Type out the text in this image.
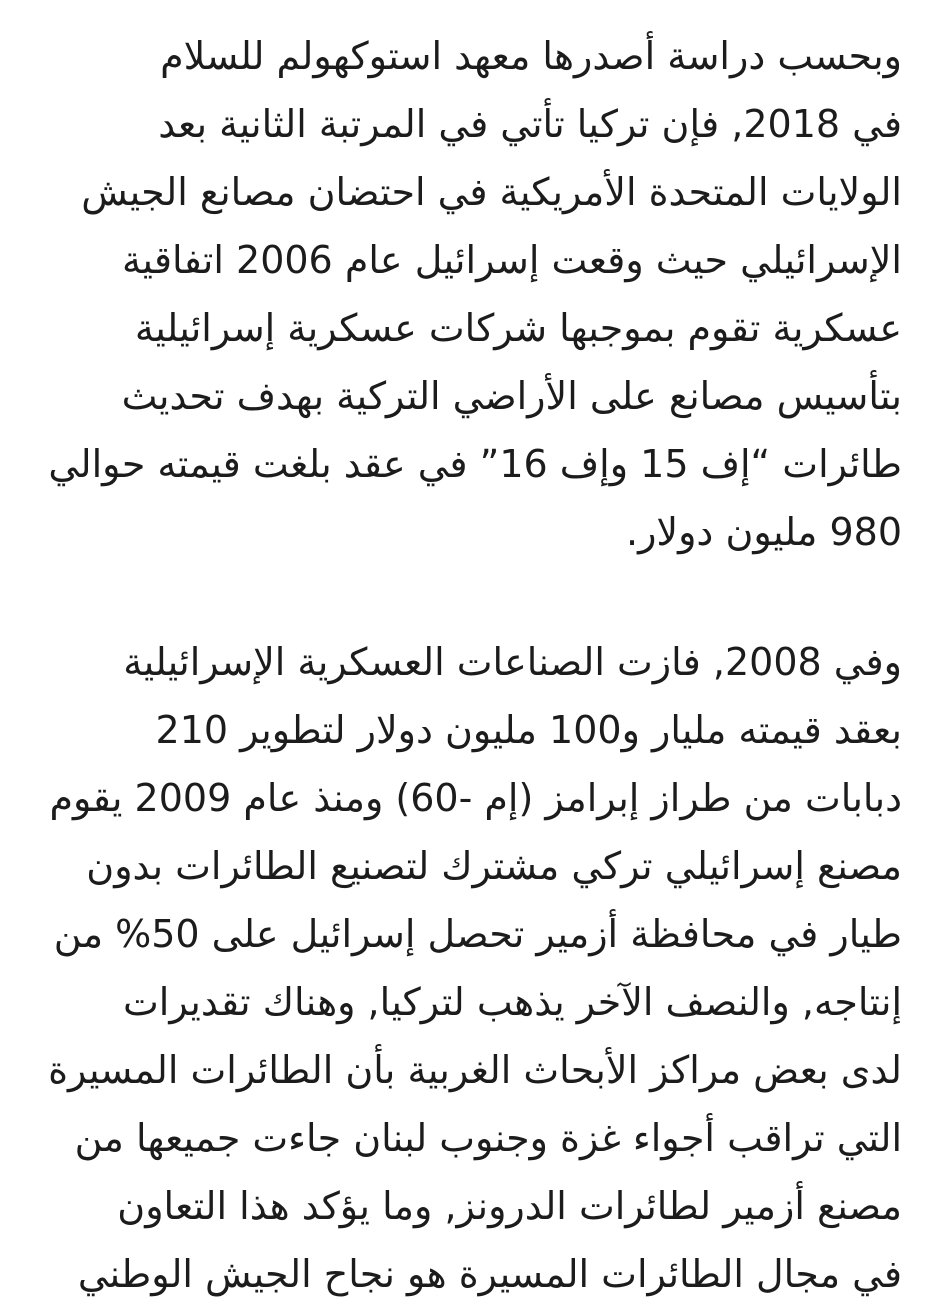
وبحسب دراسة أصدرها معهد استوكهولم للسلام
في 2018, فإن تركيا تأتي في المرتبة الثانية بعد
الولايات المتحدة الأمريكية في احتضان مصانع الجيش
الإسرائيلي حيث وقعت إسرائيل عام 2006 اتفاقية
عسكرية تقوم بموجبها شركات عسكرية إسرائيلية
بتأسيس مصانع على الأراضي التركية بهدف تحديث
طائرات “إف 15 وإف 16” في عقد بلغت قيمته حوالي
980 مليون دولار.

وفي 2008, فازت الصناعات العسكرية الإسرائيلية
بعقد قيمته مليار و100 مليون دولار لتطوير 210
دبابات من طراز إبرامز (إم -60) ومنذ عام 2009 يقوم
مصنع إسرائيلي تركي مشترك لتصنيع الطائرات بدون
طيار في محافظة أزمير تحصل إسرائيل على 50% من
إنتاجه, والنصف الآخر يذهب لتركيا, وهناك تقديرات
لدى بعض مراكز الأبحاث الغربية بأن الطائرات المسيرة
التي تراقب أجواء غزة وجنوب لبنان جاءت جميعها من
مصنع أزمير لطائرات الدرونز, وما يؤكد هذا التعاون
في مجال الطائرات المسيرة هو نجاح الجيش الوطني
